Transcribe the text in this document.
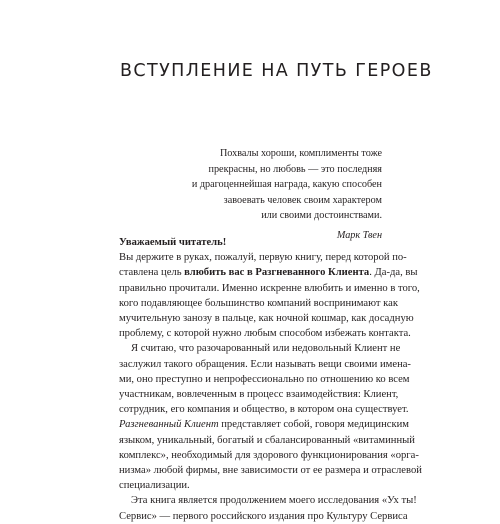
ВСТУПЛЕНИЕ НА ПУТЬ ГЕРОЕВ
Похвалы хороши, комплименты тоже
прекрасны, но любовь — это последняя
и драгоценнейшая награда, какую способен
завоевать человек своим характером
или своими достоинствами.
Марк Твен
Уважаемый читатель!
Вы держите в руках, пожалуй, первую книгу, перед которой по-
ставлена цель влюбить вас в Разгневанного Клиента. Да-да, вы
правильно прочитали. Именно искренне влюбить и именно в того,
кого подавляющее большинство компаний воспринимают как
мучительную занозу в пальце, как ночной кошмар, как досадную
проблему, с которой нужно любым способом избежать контакта.
Я считаю, что разочарованный или недовольный Клиент не
заслужил такого обращения. Если называть вещи своими имена-
ми, оно преступно и непрофессионально по отношению ко всем
участникам, вовлеченным в процесс взаимодействия: Клиент,
сотрудник, его компания и общество, в котором она существует.
Разгневанный Клиент представляет собой, говоря медицинским
языком, уникальный, богатый и сбалансированный «витаминный
комплекс», необходимый для здорового функционирования «орга-
низма» любой фирмы, вне зависимости от ее размера и отраслевой
специализации.
Эта книга является продолжением моего исследования «Ух ты!
Сервис» — первого российского издания про Культуру Сервиса
